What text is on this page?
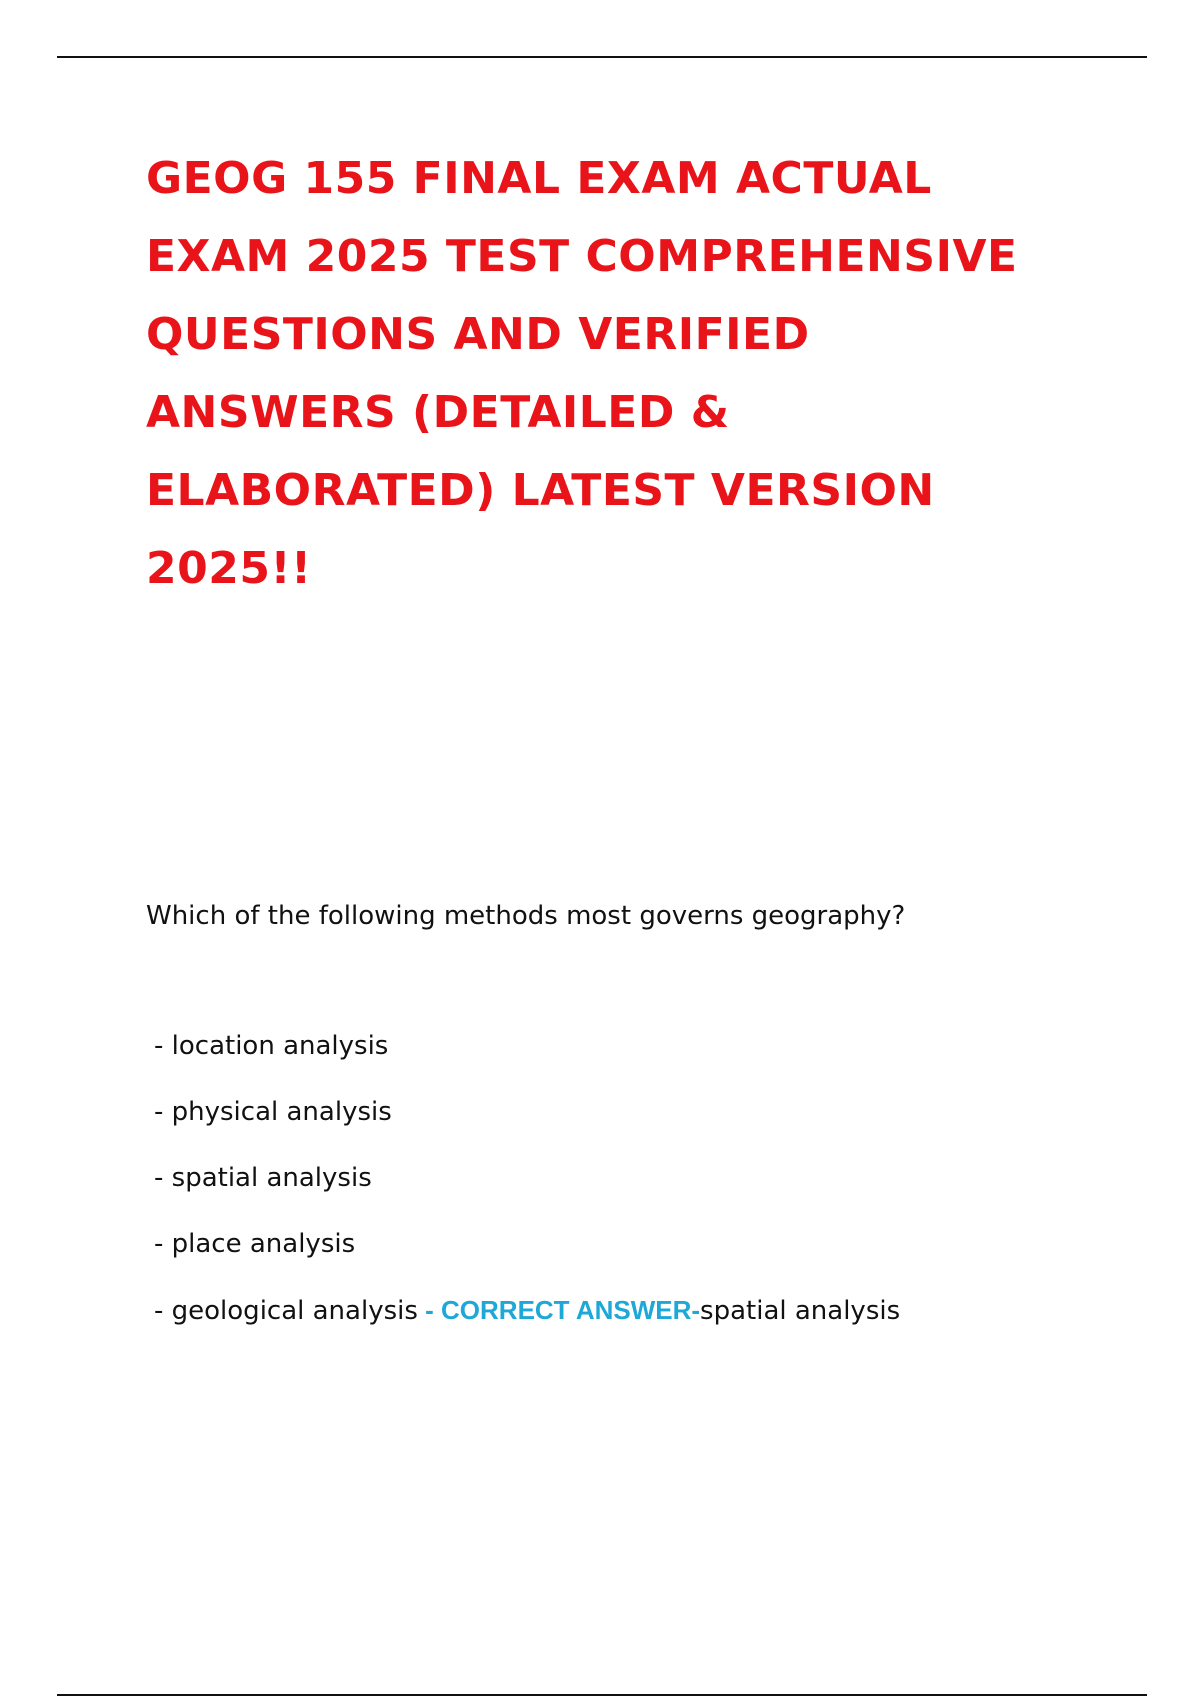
GEOG 155 FINAL EXAM ACTUAL
EXAM 2025 TEST COMPREHENSIVE
QUESTIONS AND VERIFIED
ANSWERS (DETAILED &
ELABORATED) LATEST VERSION
2025!!

Which of the following methods most governs geography?

- location analysis
- physical analysis
- spatial analysis
- place analysis
- geological analysis - CORRECT ANSWER-spatial analysis
